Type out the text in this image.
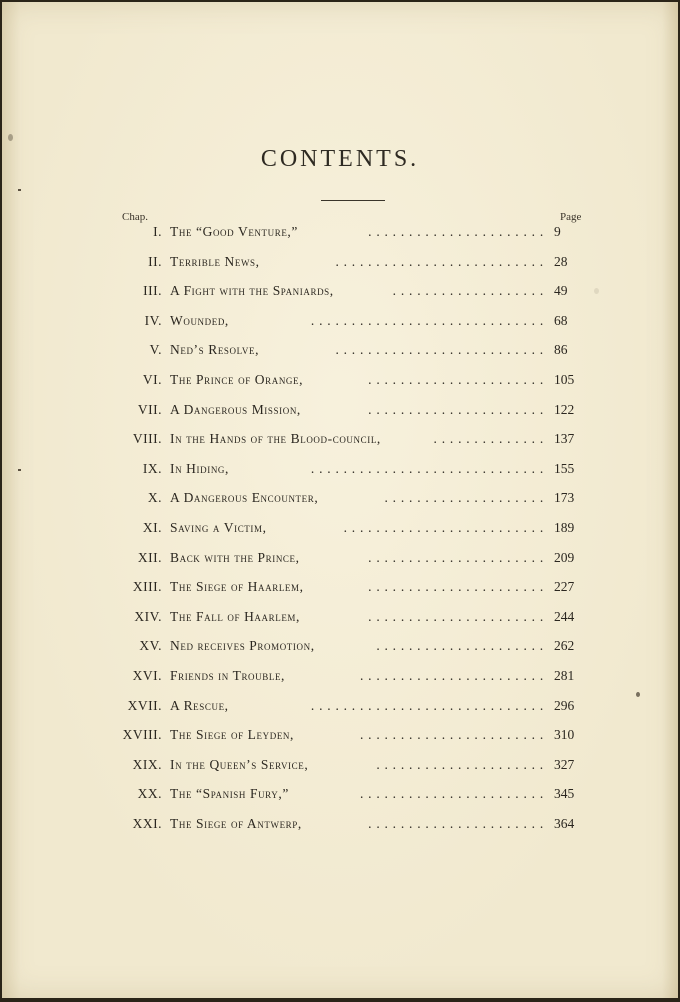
CONTENTS.
Chap.	Page
I. The “Good Venture,”	...................... 9
II. Terrible News,	.......................... 28
III. A Fight with the Spaniards,	................... 49
IV. Wounded,	............................. 68
V. Ned’s Resolve,	.......................... 86
VI. The Prince of Orange,	...................... 105
VII. A Dangerous Mission,	...................... 122
VIII. In the Hands of the Blood-council,	.............. 137
IX. In Hiding,	............................. 155
X. A Dangerous Encounter,	.................... 173
XI. Saving a Victim,	......................... 189
XII. Back with the Prince,	...................... 209
XIII. The Siege of Haarlem,	...................... 227
XIV. The Fall of Haarlem,	...................... 244
XV. Ned receives Promotion,	..................... 262
XVI. Friends in Trouble,	....................... 281
XVII. A Rescue,	............................. 296
XVIII. The Siege of Leyden,	....................... 310
XIX. In the Queen’s Service,	..................... 327
XX. The “Spanish Fury,”	....................... 345
XXI. The Siege of Antwerp,	...................... 364
